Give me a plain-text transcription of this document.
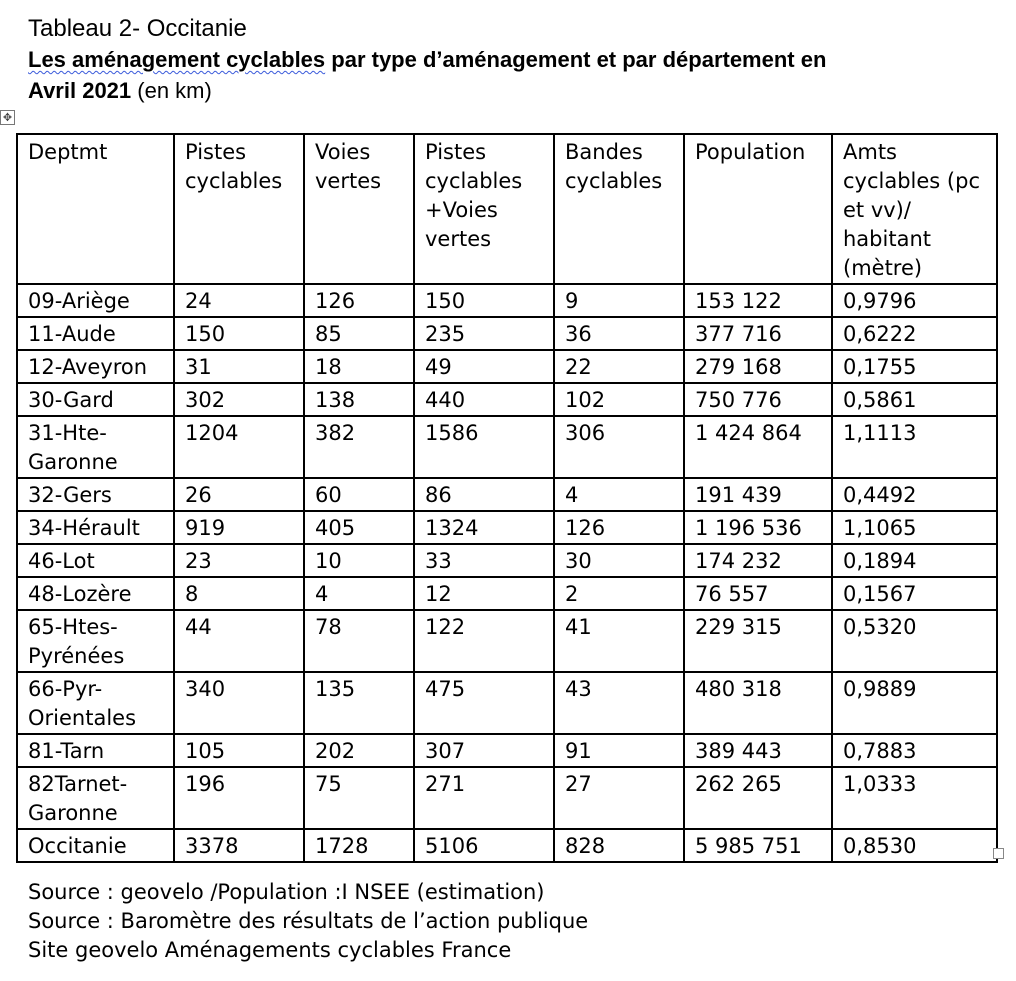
Tableau 2- Occitanie
Les aménagement cyclables par type d’aménagement et par département en Avril 2021 (en km)
✥
Deptmt	Pistes cyclables	Voies vertes	Pistes cyclables +Voies vertes	Bandes cyclables	Population	Amts cyclables (pc et vv)/ habitant (mètre)
09-Ariège	24	126	150	9	153 122	0,9796
11-Aude	150	85	235	36	377 716	0,6222
12-Aveyron	31	18	49	22	279 168	0,1755
30-Gard	302	138	440	102	750 776	0,5861
31-Hte-Garonne	1204	382	1586	306	1 424 864	1,1113
32-Gers	26	60	86	4	191 439	0,4492
34-Hérault	919	405	1324	126	1 196 536	1,1065
46-Lot	23	10	33	30	174 232	0,1894
48-Lozère	8	4	12	2	76 557	0,1567
65-Htes-Pyrénées	44	78	122	41	229 315	0,5320
66-Pyr-Orientales	340	135	475	43	480 318	0,9889
81-Tarn	105	202	307	91	389 443	0,7883
82Tarnet-Garonne	196	75	271	27	262 265	1,0333
Occitanie	3378	1728	5106	828	5 985 751	0,8530
Source : geovelo /Population :I NSEE (estimation)
Source : Baromètre des résultats de l’action publique
Site geovelo Aménagements cyclables France
